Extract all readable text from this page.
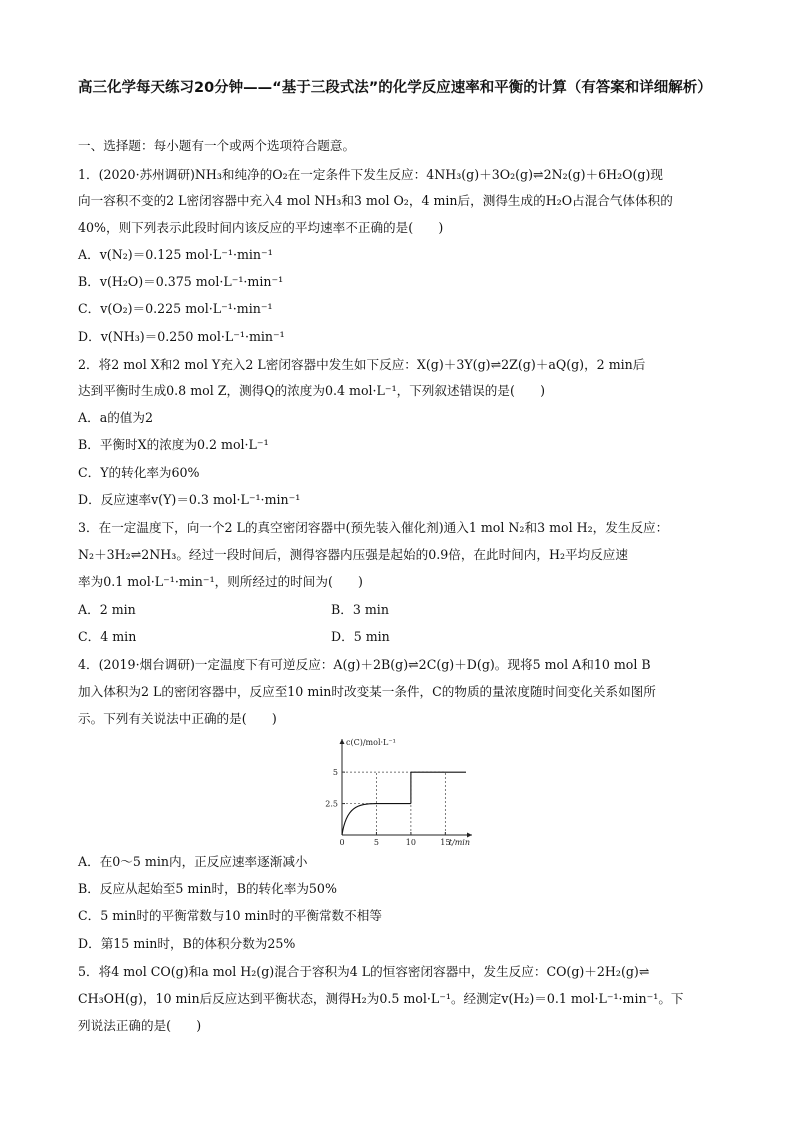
高三化学每天练习20分钟——“基于三段式法”的化学反应速率和平衡的计算（有答案和详细解析）
一、选择题：每小题有一个或两个选项符合题意。
1．(2020·苏州调研)NH₃和纯净的O₂在一定条件下发生反应：4NH₃(g)＋3O₂(g)⇌2N₂(g)＋6H₂O(g)现
向一容积不变的2 L密闭容器中充入4 mol NH₃和3 mol O₂，4 min后，测得生成的H₂O占混合气体体积的
40%，则下列表示此段时间内该反应的平均速率不正确的是(　　)
A．v(N₂)＝0.125 mol·L⁻¹·min⁻¹
B．v(H₂O)＝0.375 mol·L⁻¹·min⁻¹
C．v(O₂)＝0.225 mol·L⁻¹·min⁻¹
D．v(NH₃)＝0.250 mol·L⁻¹·min⁻¹
2．将2 mol X和2 mol Y充入2 L密闭容器中发生如下反应：X(g)＋3Y(g)⇌2Z(g)＋aQ(g)，2 min后
达到平衡时生成0.8 mol Z，测得Q的浓度为0.4 mol·L⁻¹，下列叙述错误的是(　　)
A．a的值为2
B．平衡时X的浓度为0.2 mol·L⁻¹
C．Y的转化率为60%
D．反应速率v(Y)＝0.3 mol·L⁻¹·min⁻¹
3．在一定温度下，向一个2 L的真空密闭容器中(预先装入催化剂)通入1 mol N₂和3 mol H₂，发生反应：
N₂＋3H₂⇌2NH₃。经过一段时间后，测得容器内压强是起始的0.9倍，在此时间内，H₂平均反应速
率为0.1 mol·L⁻¹·min⁻¹，则所经过的时间为(　　)
A．2 min	B．3 min
C．4 min	D．5 min
4．(2019·烟台调研)一定温度下有可逆反应：A(g)＋2B(g)⇌2C(g)＋D(g)。现将5 mol A和10 mol B
加入体积为2 L的密闭容器中，反应至10 min时改变某一条件，C的物质的量浓度随时间变化关系如图所
示。下列有关说法中正确的是(　　)
c(C)/mol·L⁻¹
t/min
0	5	10	15
2.5
5
A．在0～5 min内，正反应速率逐渐减小
B．反应从起始至5 min时，B的转化率为50%
C．5 min时的平衡常数与10 min时的平衡常数不相等
D．第15 min时，B的体积分数为25%
5．将4 mol CO(g)和a mol H₂(g)混合于容积为4 L的恒容密闭容器中，发生反应：CO(g)＋2H₂(g)⇌
CH₃OH(g)，10 min后反应达到平衡状态，测得H₂为0.5 mol·L⁻¹。经测定v(H₂)＝0.1 mol·L⁻¹·min⁻¹。下
列说法正确的是(　　)
